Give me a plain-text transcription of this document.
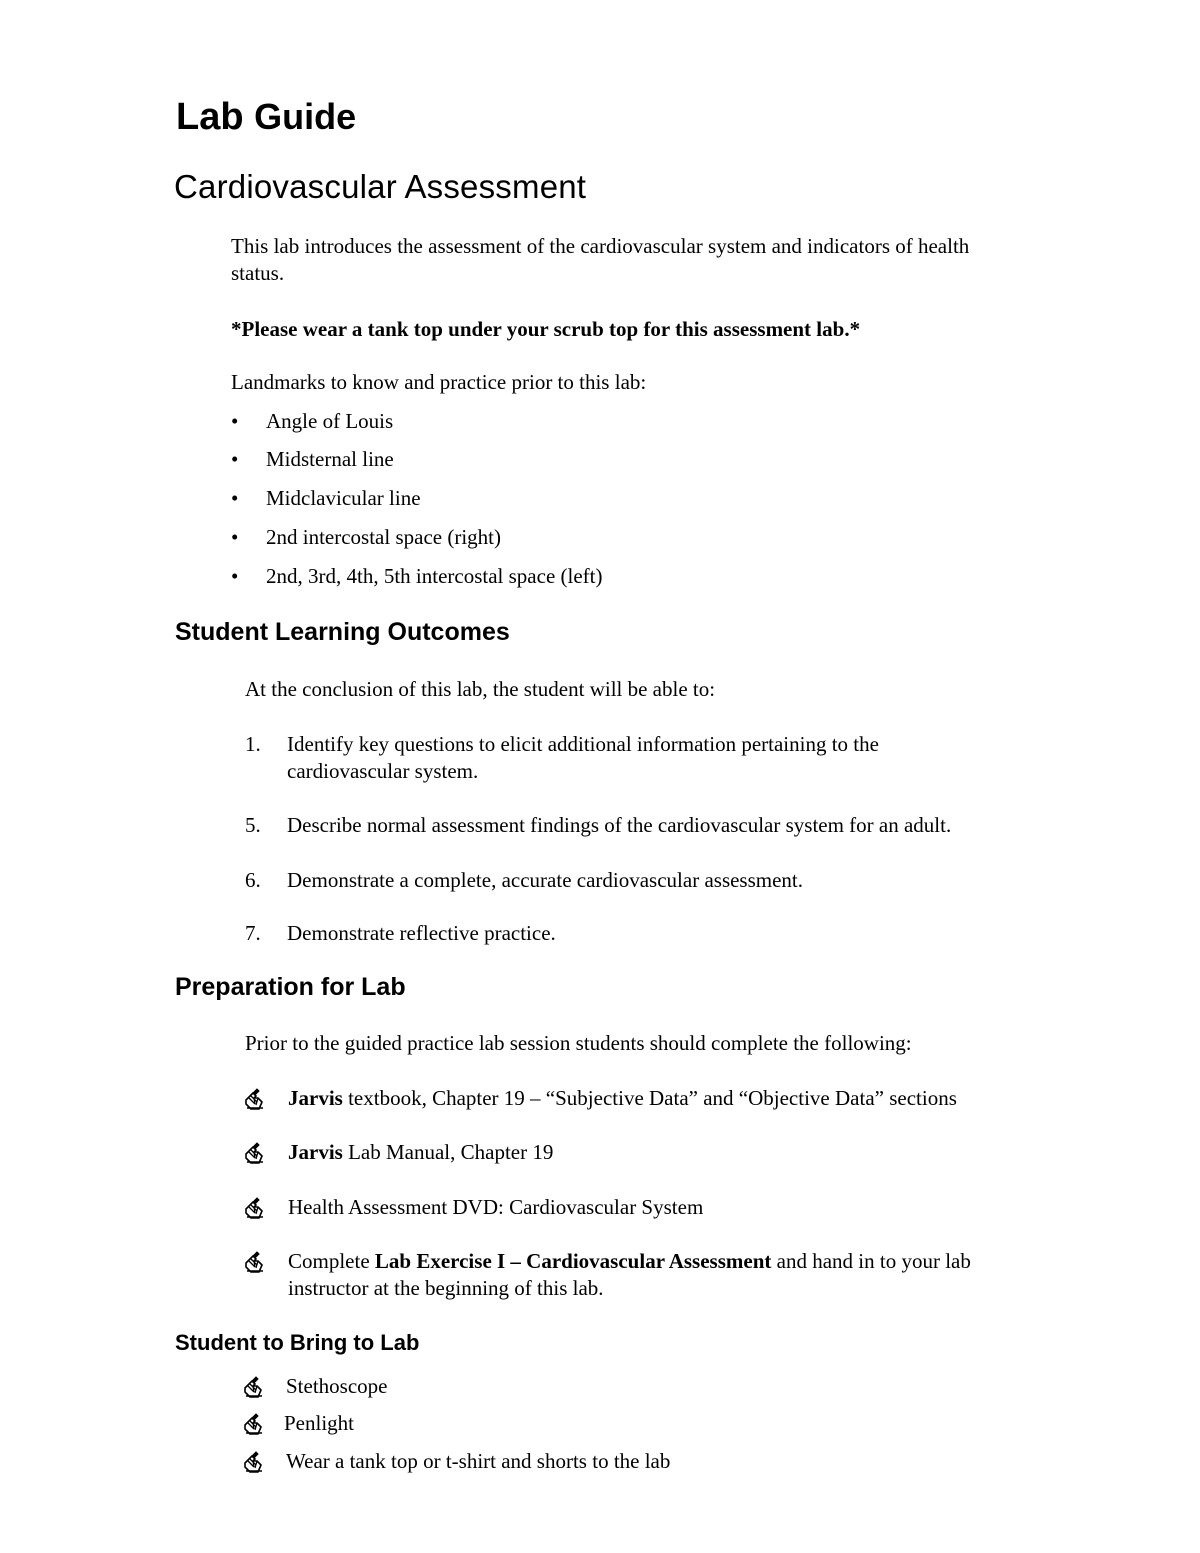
Lab Guide
Cardiovascular Assessment
This lab introduces the assessment of the cardiovascular system and indicators of health
status.
*Please wear a tank top under your scrub top for this assessment lab.*
Landmarks to know and practice prior to this lab:
• Angle of Louis
• Midsternal line
• Midclavicular line
• 2nd intercostal space (right)
• 2nd, 3rd, 4th, 5th intercostal space (left)
Student Learning Outcomes
At the conclusion of this lab, the student will be able to:
1. Identify key questions to elicit additional information pertaining to the
cardiovascular system.
5. Describe normal assessment findings of the cardiovascular system for an adult.
6. Demonstrate a complete, accurate cardiovascular assessment.
7. Demonstrate reflective practice.
Preparation for Lab
Prior to the guided practice lab session students should complete the following:
Jarvis textbook, Chapter 19 – “Subjective Data” and “Objective Data” sections
Jarvis Lab Manual, Chapter 19
Health Assessment DVD: Cardiovascular System
Complete Lab Exercise I – Cardiovascular Assessment and hand in to your lab
instructor at the beginning of this lab.
Student to Bring to Lab
Stethoscope
Penlight
Wear a tank top or t-shirt and shorts to the lab
